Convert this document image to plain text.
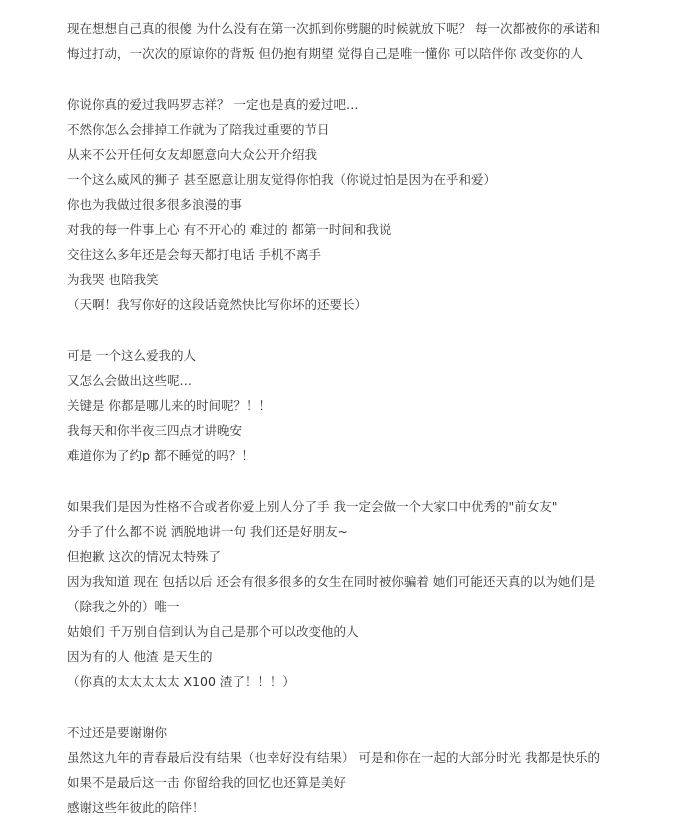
现在想想自己真的很傻 为什么没有在第一次抓到你劈腿的时候就放下呢？ 每一次都被你的承诺和
悔过打动，一次次的原谅你的背叛 但仍抱有期望 觉得自己是唯一懂你 可以陪伴你 改变你的人
你说你真的爱过我吗罗志祥？ 一定也是真的爱过吧…
不然你怎么会排掉工作就为了陪我过重要的节日
从来不公开任何女友却愿意向大众公开介绍我
一个这么威风的狮子 甚至愿意让朋友觉得你怕我（你说过怕是因为在乎和爱）
你也为我做过很多很多浪漫的事
对我的每一件事上心 有不开心的 难过的 都第一时间和我说
交往这么多年还是会每天都打电话 手机不离手
为我哭 也陪我笑
（天啊！我写你好的这段话竟然快比写你坏的还要长）
可是 一个这么爱我的人
又怎么会做出这些呢…
关键是 你都是哪儿来的时间呢？！！
我每天和你半夜三四点才讲晚安
难道你为了约p 都不睡觉的吗？！
如果我们是因为性格不合或者你爱上别人分了手 我一定会做一个大家口中优秀的"前女友"
分手了什么都不说 洒脱地讲一句 我们还是好朋友~
但抱歉 这次的情况太特殊了
因为我知道 现在 包括以后 还会有很多很多的女生在同时被你骗着 她们可能还天真的以为她们是
（除我之外的）唯一
姑娘们 千万别自信到认为自己是那个可以改变他的人
因为有的人 他渣 是天生的
（你真的太太太太太 X100 渣了！！！）
不过还是要谢谢你
虽然这九年的青春最后没有结果（也幸好没有结果） 可是和你在一起的大部分时光 我都是快乐的
如果不是最后这一击 你留给我的回忆也还算是美好
感谢这些年彼此的陪伴！
